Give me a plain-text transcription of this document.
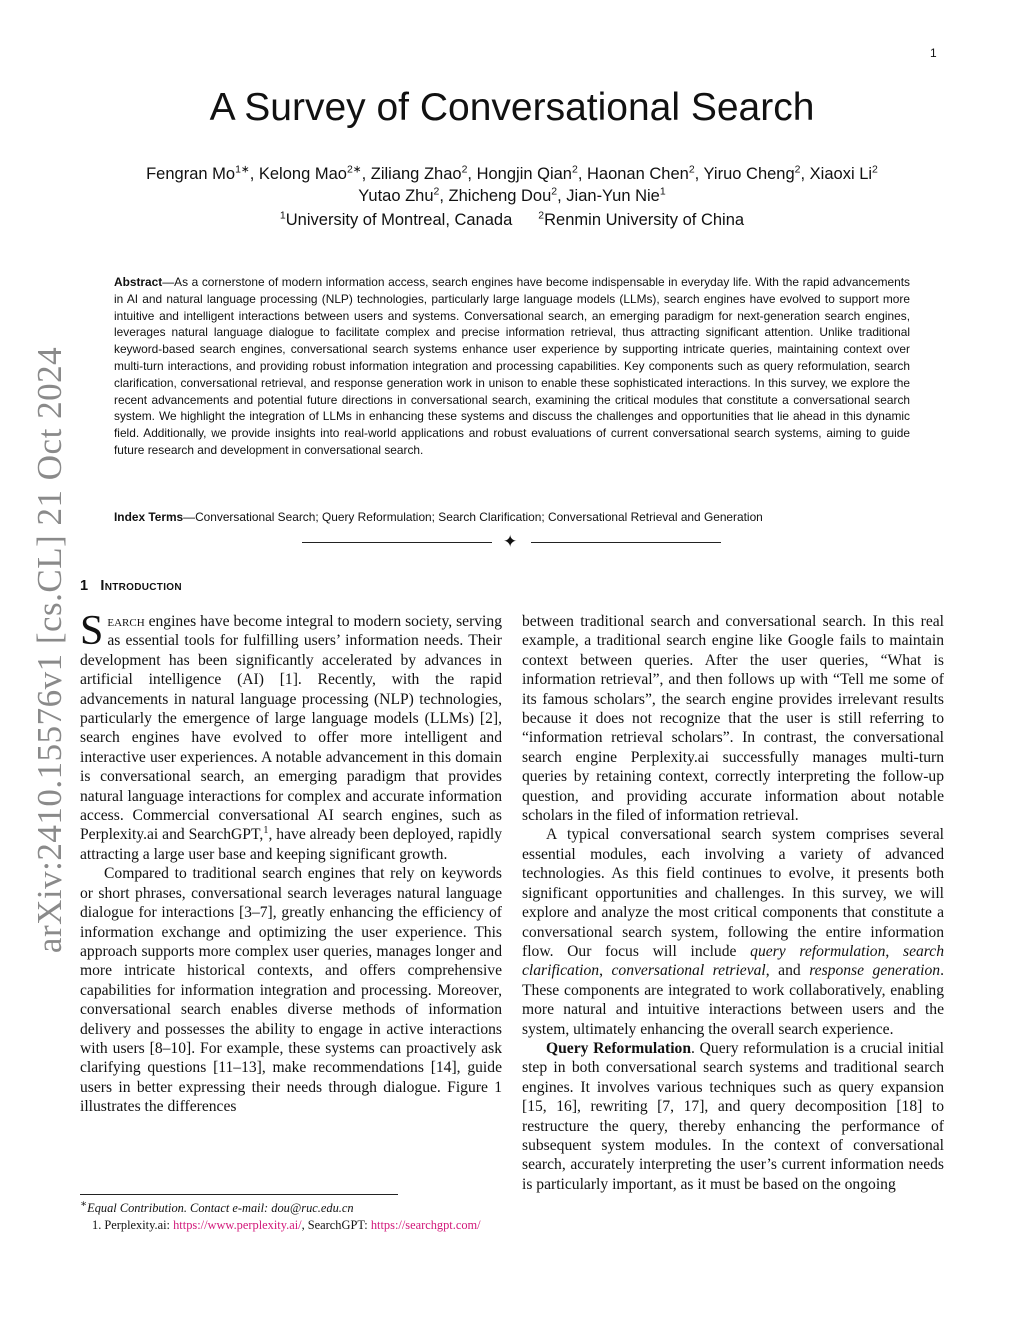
1
arXiv:2410.15576v1 [cs.CL] 21 Oct 2024
A Survey of Conversational Search
Fengran $Mo^{1∗}$, Kelong Mao$^{2∗}$, Ziliang Zhao$^2$, Hongjin Qian$^2$, Haonan Chen$^2$, Yiruo Cheng$^2$, Xiaoxi Li$^2$
Yutao Zhu$^2$, Zhicheng Dou$^2$, Jian-Yun Nie$^1$
$^1$University of Montreal, Canada $^2$Renmin University of China

Abstract—As a cornerstone of modern information access, search engines have become indispensable in everyday life. With the rapid advancements in AI and natural language processing (NLP) technologies, particularly large language models (LLMs), search engines have evolved to support more intuitive and intelligent interactions between users and systems. Conversational search, an emerging paradigm for next-generation search engines, leverages natural language dialogue to facilitate complex and precise information retrieval, thus attracting significant attention. Unlike traditional keyword-based search engines, conversational search systems enhance user experience by supporting intricate queries, maintaining context over multi-turn interactions, and providing robust information integration and processing capabilities. Key components such as query reformulation, search clarification, conversational retrieval, and response generation work in unison to enable these sophisticated interactions. In this survey, we explore the recent advancements and potential future directions in conversational search, examining the critical modules that constitute a conversational search system. We highlight the integration of LLMs in enhancing these systems and discuss the challenges and opportunities that lie ahead in this dynamic field. Additionally, we provide insights into real-world applications and robust evaluations of current conversational search systems, aiming to guide future research and development in conversational search.

Index Terms—Conversational Search; Query Reformulation; Search Clarification; Conversational Retrieval and Generation

✦
1 Introduction

Search engines have become integral to modern society, serving as essential tools for fulfilling users’ information needs. Their development has been significantly accelerated by advances in artificial intelligence (AI) [1]. Recently, with the rapid advancements in natural language processing (NLP) technologies, particularly the emergence of large language models (LLMs) [2], search engines have evolved to offer more intelligent and interactive user experiences. A notable advancement in this domain is conversational search, an emerging paradigm that provides natural language interactions for complex and accurate information access. Commercial conversational AI search engines, such as Perplexity.ai and SearchGPT,$^1$, have already been deployed, rapidly attracting a large user base and keeping significant growth.

Compared to traditional search engines that rely on keywords or short phrases, conversational search leverages natural language dialogue for interactions [3–7], greatly enhancing the efficiency of information exchange and optimizing the user experience. This approach supports more complex user queries, manages longer and more intricate historical contexts, and offers comprehensive capabilities for information integration and processing. Moreover, conversational search enables diverse methods of information delivery and possesses the ability to engage in active interactions with users [8–10]. For example, these systems can proactively ask clarifying questions [11–13], make recommendations [14], guide users in better expressing their needs through dialogue. Figure 1 illustrates the differences

between traditional search and conversational search. In this real example, a traditional search engine like Google fails to maintain context between queries. After the user queries, “What is information retrieval”, and then follows up with “Tell me some of its famous scholars”, the search engine provides irrelevant results because it does not recognize that the user is still referring to “information retrieval scholars”. In contrast, the conversational search engine Perplexity.ai successfully manages multi-turn queries by retaining context, correctly interpreting the follow-up question, and providing accurate information about notable scholars in the filed of information retrieval.

A typical conversational search system comprises several essential modules, each involving a variety of advanced technologies. As this field continues to evolve, it presents both significant opportunities and challenges. In this survey, we will explore and analyze the most critical components that constitute a conversational search system, following the entire information flow. Our focus will include query reformulation, search clarification, conversational retrieval, and response generation. These components are integrated to work collaboratively, enabling more natural and intuitive interactions between users and the system, ultimately enhancing the overall search experience.

Query Reformulation. Query reformulation is a crucial initial step in both conversational search systems and traditional search engines. It involves various techniques such as query expansion [15, 16], rewriting [7, 17], and query decomposition [18] to restructure the query, thereby enhancing the performance of subsequent system modules. In the context of conversational search, accurately interpreting the user’s current information needs is particularly important, as it must be based on the ongoing

∗Equal Contribution. Contact e-mail: dou@ruc.edu.cn

1. Perplexity.ai: https://www.perplexity.ai/, SearchGPT: https://searchgpt.com/
